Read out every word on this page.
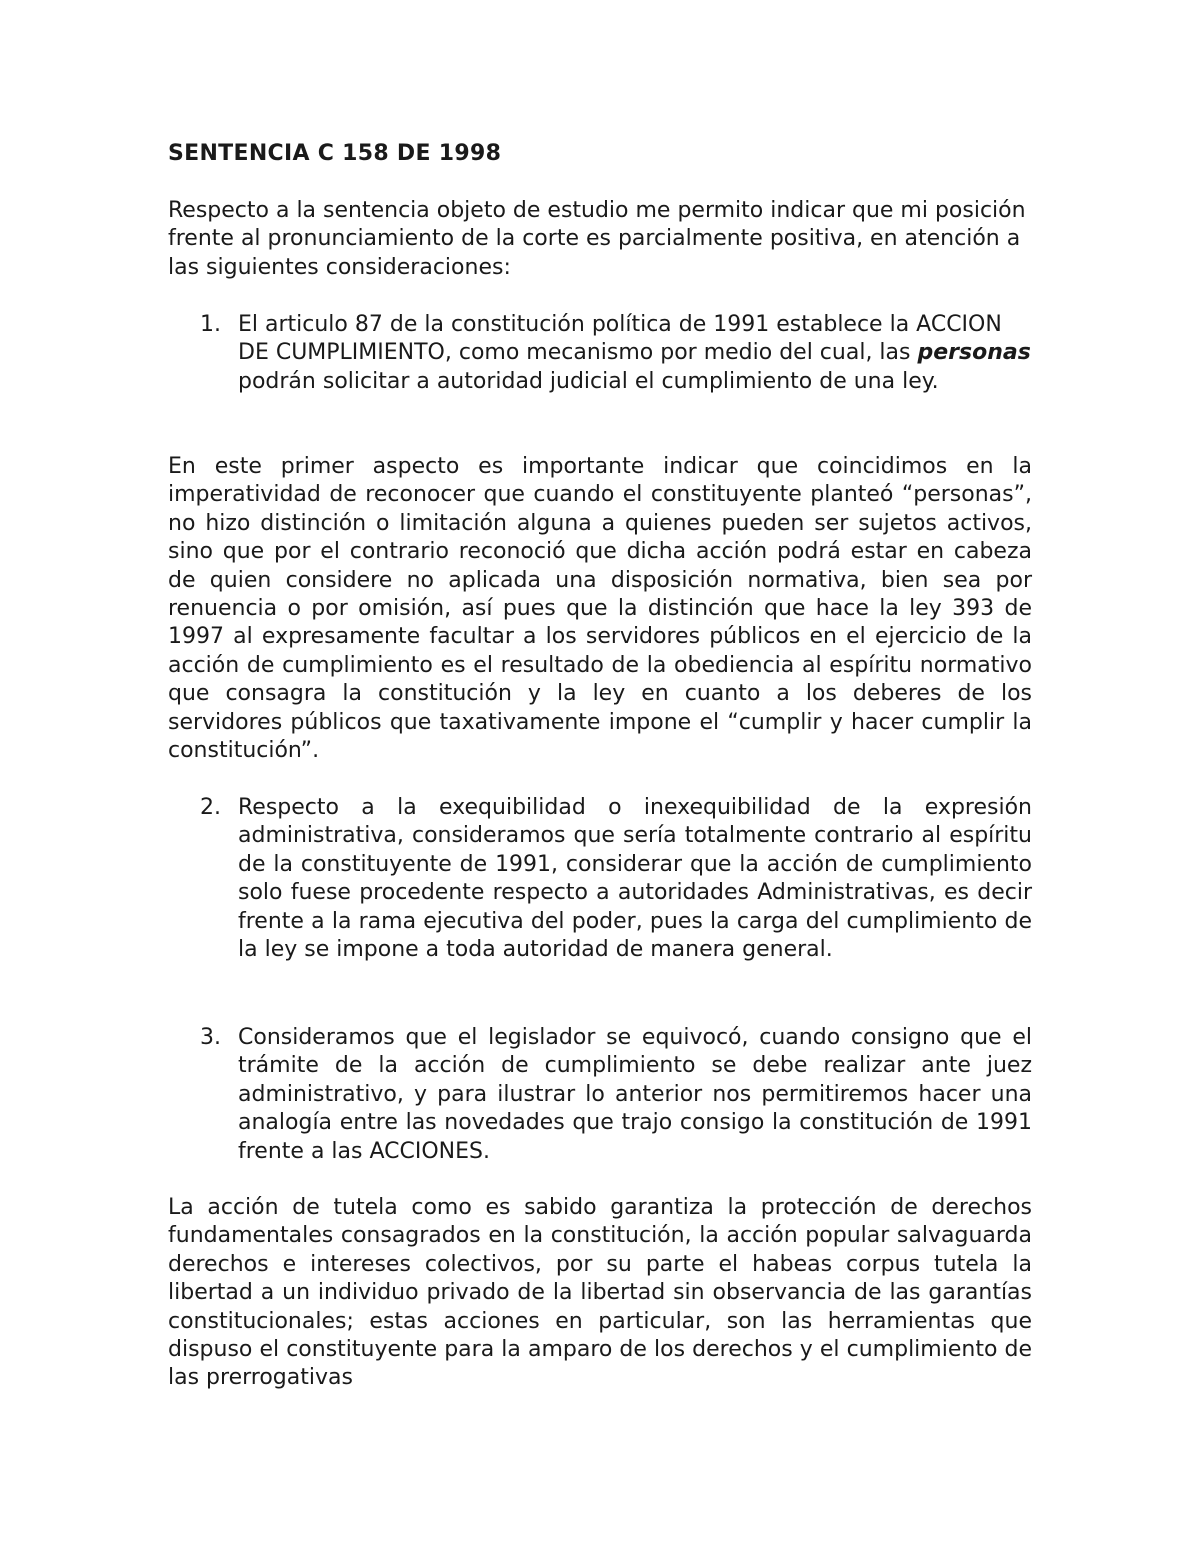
SENTENCIA C 158 DE 1998
Respecto a la sentencia objeto de estudio me permito indicar que mi posición frente al pronunciamiento de la corte es parcialmente positiva, en atención a las siguientes consideraciones:
1. El articulo 87 de la constitución política de 1991 establece la ACCION DE CUMPLIMIENTO, como mecanismo por medio del cual, las personas podrán solicitar a autoridad judicial el cumplimiento de una ley.
En este primer aspecto es importante indicar que coincidimos en la imperatividad de reconocer que cuando el constituyente planteó “personas”, no hizo distinción o limitación alguna a quienes pueden ser sujetos activos, sino que por el contrario reconoció que dicha acción podrá estar en cabeza de quien considere no aplicada una disposición normativa, bien sea por renuencia o por omisión, así pues que la distinción que hace la ley 393 de 1997 al expresamente facultar a los servidores públicos en el ejercicio de la acción de cumplimiento es el resultado de la obediencia al espíritu normativo que consagra la constitución y la ley en cuanto a los deberes de los servidores públicos que taxativamente impone el “cumplir y hacer cumplir la constitución”.
2. Respecto a la exequibilidad o inexequibilidad de la expresión administrativa, consideramos que sería totalmente contrario al espíritu de la constituyente de 1991, considerar que la acción de cumplimiento solo fuese procedente respecto a autoridades Administrativas, es decir frente a la rama ejecutiva del poder, pues la carga del cumplimiento de la ley se impone a toda autoridad de manera general.
3. Consideramos que el legislador se equivocó, cuando consigno que el trámite de la acción de cumplimiento se debe realizar ante juez administrativo, y para ilustrar lo anterior nos permitiremos hacer una analogía entre las novedades que trajo consigo la constitución de 1991 frente a las ACCIONES.
La acción de tutela como es sabido garantiza la protección de derechos fundamentales consagrados en la constitución, la acción popular salvaguarda derechos e intereses colectivos, por su parte el habeas corpus tutela la libertad a un individuo privado de la libertad sin observancia de las garantías constitucionales; estas acciones en particular, son las herramientas que dispuso el constituyente para la amparo de los derechos y el cumplimiento de las prerrogativas
